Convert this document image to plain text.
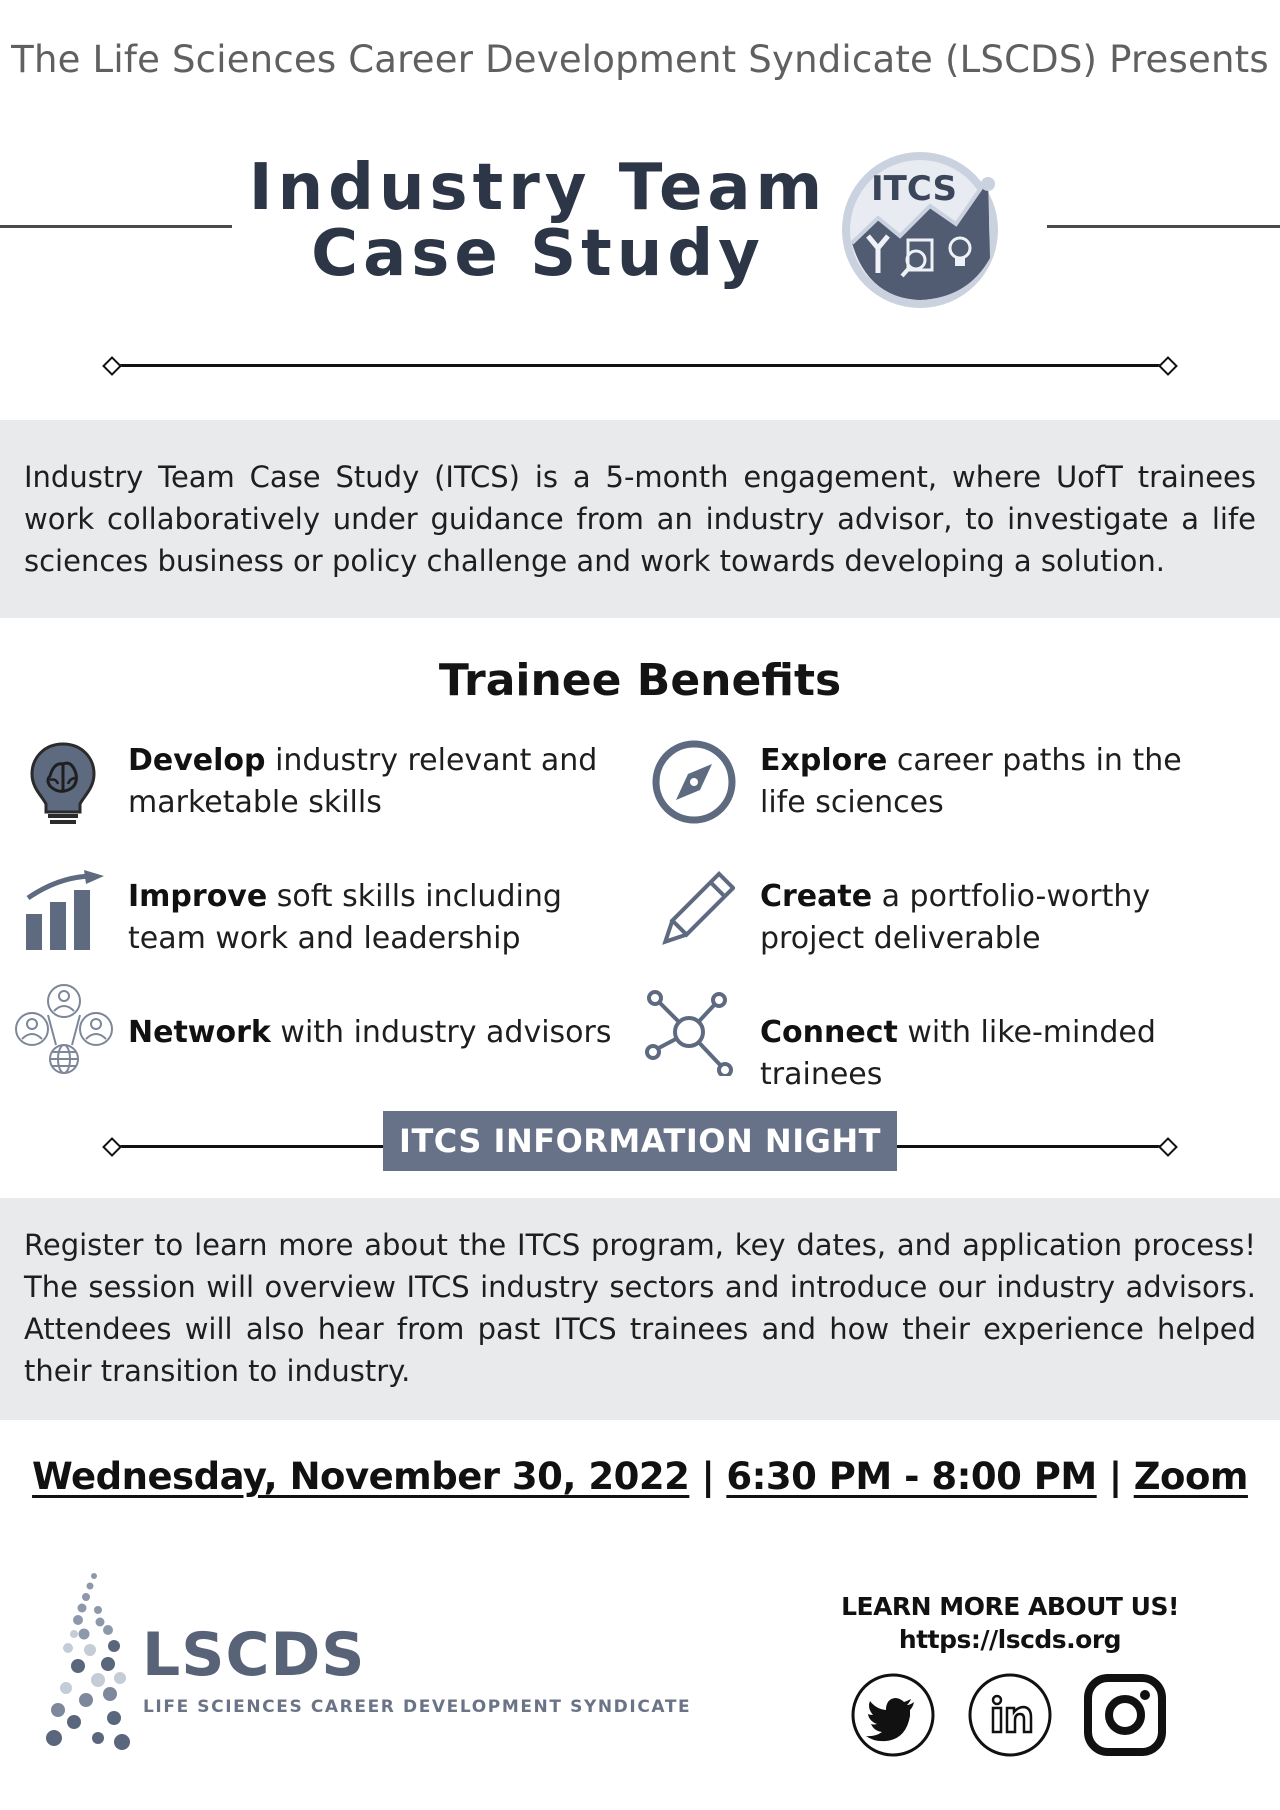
The Life Sciences Career Development Syndicate (LSCDS) Presents
Industry Team
Case Study
ITCS

Industry Team Case Study (ITCS) is a 5-month engagement, where UofT trainees work collaboratively under guidance from an industry advisor, to investigate a life sciences business or policy challenge and work towards developing a solution.

Trainee Benefits
Develop industry relevant and marketable skills
Explore career paths in the life sciences
Improve soft skills including team work and leadership
Create a portfolio-worthy project deliverable
Network with industry advisors	Connect with like-minded trainees
ITCS INFORMATION NIGHT

Register to learn more about the ITCS program, key dates, and application process! The session will overview ITCS industry sectors and introduce our industry advisors. Attendees will also hear from past ITCS trainees and how their experience helped their transition to industry.

Wednesday, November 30, 2022 | 6:30 PM - 8:00 PM | Zoom
LSCDS
LIFE SCIENCES CAREER DEVELOPMENT SYNDICATE
LEARN MORE ABOUT US!
https://lscds.org
